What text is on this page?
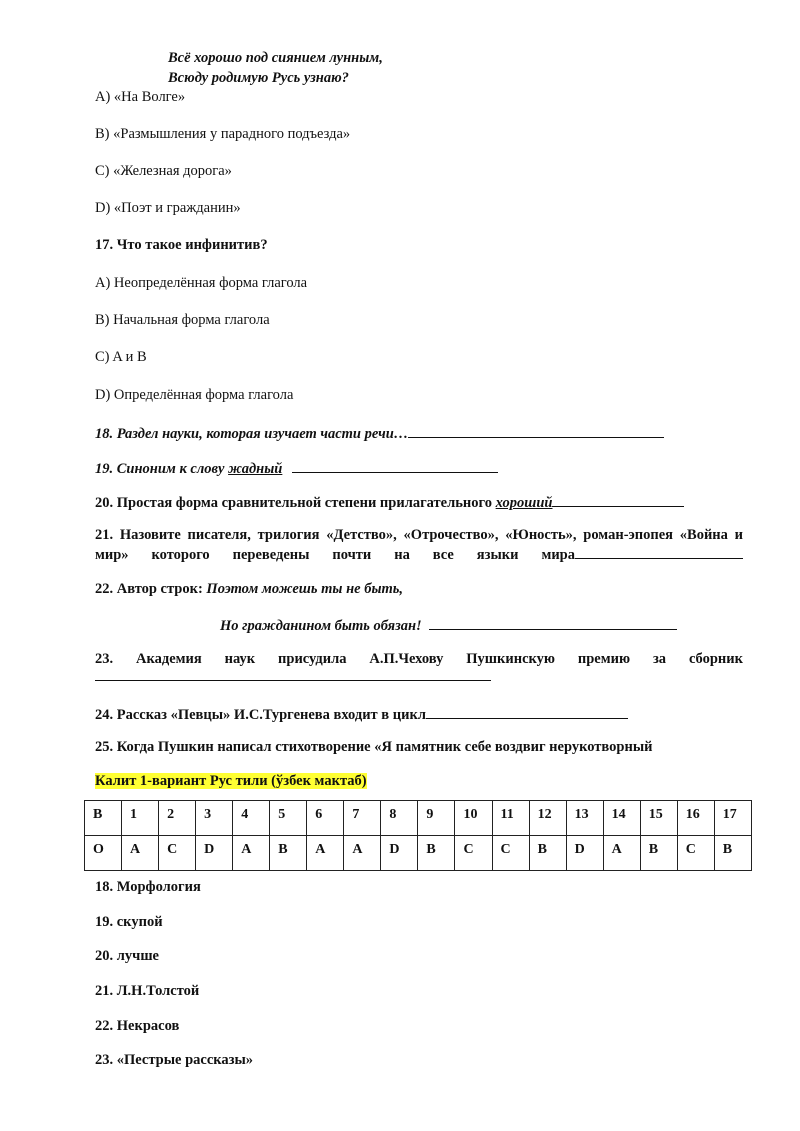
Всё хорошо под сиянием лунным,
Всюду родимую Русь узнаю?
A) «На Волге»
B) «Размышления у парадного подъезда»
C) «Железная дорога»
D) «Поэт и гражданин»
17. Что такое инфинитив?
A) Неопределённая форма глагола
B) Начальная форма глагола
C) A и B
D) Определённая форма глагола
18. Раздел науки, которая изучает части речи…
19. Синоним к слову жадный
20. Простая форма сравнительной степени прилагательного хороший
21. Назовите писателя, трилогия «Детство», «Отрочество», «Юность», роман-эпопея «Война и мир» которого переведены почти на все языки мира
22. Автор строк: Поэтом можешь ты не быть,
Но гражданином быть обязан!
23. Академия наук присудила А.П.Чехову Пушкинскую премию за сборник
24. Рассказ «Певцы» И.С.Тургенева входит в цикл
25. Когда Пушкин написал стихотворение «Я памятник себе воздвиг нерукотворный
Калит 1-вариант Рус тили (ўзбек мактаб)
B	1	2	3	4	5	6	7	8	9	10	11	12	13	14	15	16	17
O	A	C	D	A	B	A	A	D	B	C	C	B	D	A	B	C	B
18. Морфология
19. скупой
20. лучше
21. Л.Н.Толстой
22. Некрасов
23. «Пестрые рассказы»
